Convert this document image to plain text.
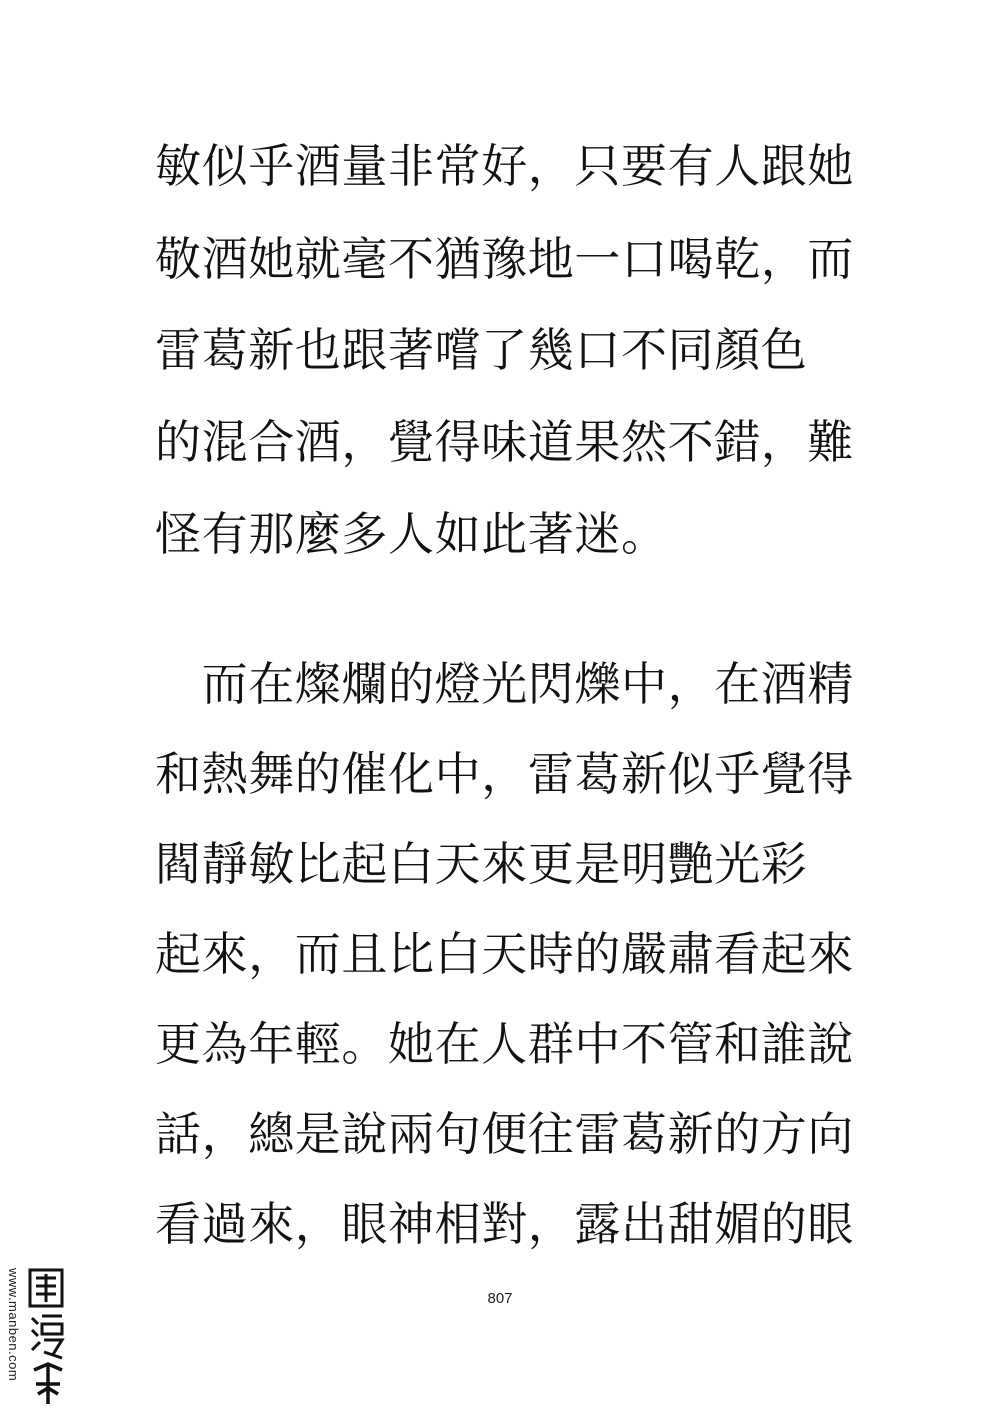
敏似乎酒量非常好，只要有人跟她
敬酒她就毫不猶豫地一口喝乾，而
雷葛新也跟著嚐了幾口不同顏色
的混合酒，覺得味道果然不錯，難
怪有那麼多人如此著迷。
　而在燦爛的燈光閃爍中，在酒精
和熱舞的催化中，雷葛新似乎覺得
閻靜敏比起白天來更是明艷光彩
起來，而且比白天時的嚴肅看起來
更為年輕。她在人群中不管和誰說
話，總是說兩句便往雷葛新的方向
看過來，眼神相對，露出甜媚的眼
807
www.manben.com
